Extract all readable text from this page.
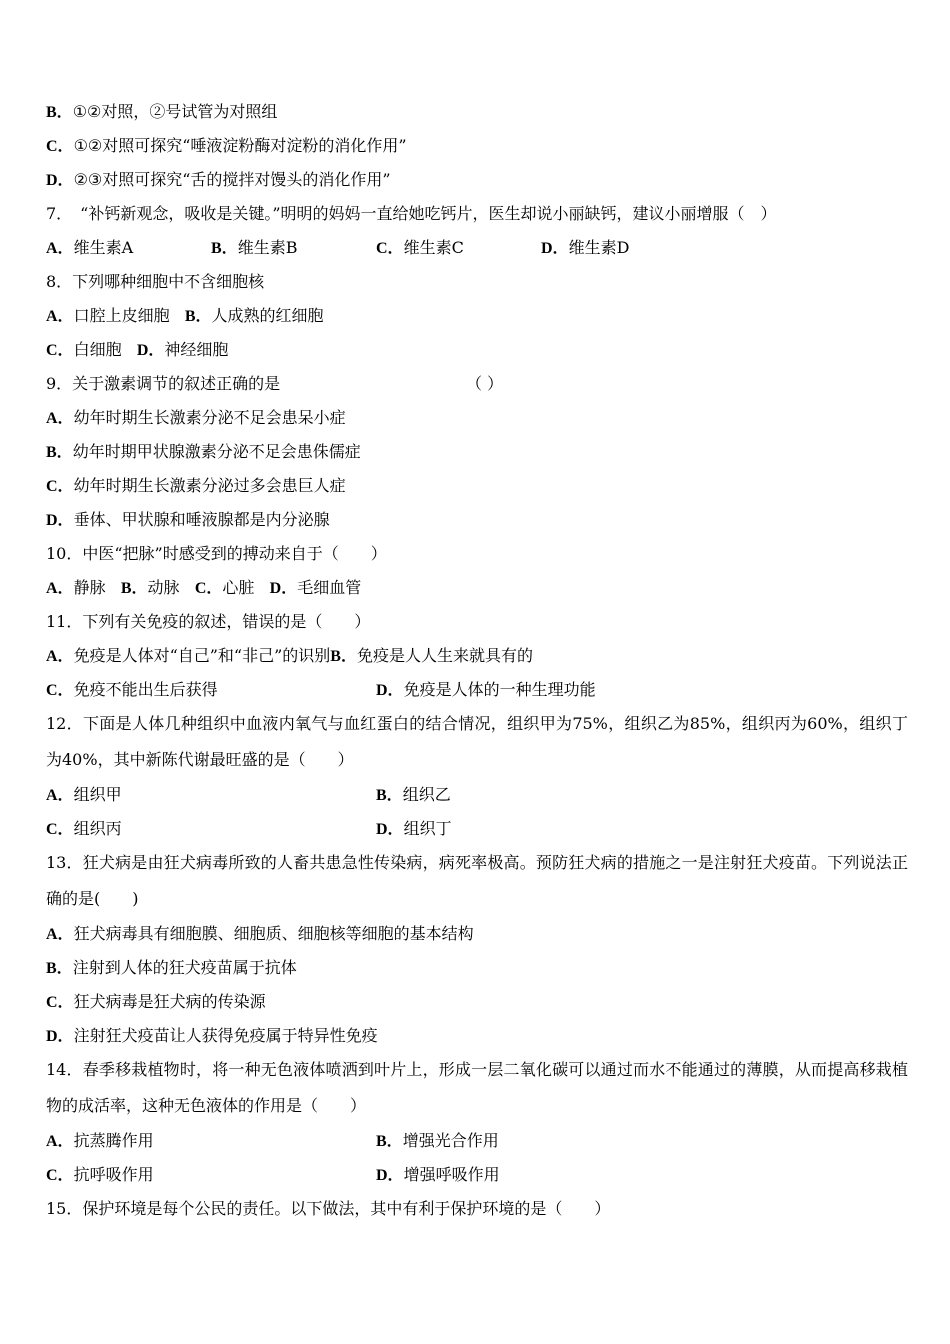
B．①②对照，②号试管为对照组
C．①②对照可探究“唾液淀粉酶对淀粉的消化作用”
D．②③对照可探究“舌的搅拌对馒头的消化作用”
7．　“补钙新观念，吸收是关键。”明明的妈妈一直给她吃钙片，医生却说小丽缺钙，建议小丽增服（　）
A．维生素A	B．维生素B	C．维生素C	D．维生素D
8．下列哪种细胞中不含细胞核
A．口腔上皮细胞 B．人成熟的红细胞
C．白细胞 D．神经细胞
9．关于激素调节的叙述正确的是	（ ）
A．幼年时期生长激素分泌不足会患呆小症
B．幼年时期甲状腺激素分泌不足会患侏儒症
C．幼年时期生长激素分泌过多会患巨人症
D．垂体、甲状腺和唾液腺都是内分泌腺
10．中医“把脉”时感受到的搏动来自于（　　）
A．静脉 B．动脉 C．心脏 D．毛细血管
11．下列有关免疫的叙述，错误的是（　　）
A．免疫是人体对“自己”和“非己”的识别B．免疫是人人生来就具有的
C．免疫不能出生后获得	D．免疫是人体的一种生理功能
12．下面是人体几种组织中血液内氧气与血红蛋白的结合情况，组织甲为75%，组织乙为85%，组织丙为60%，组织丁为40%，其中新陈代谢最旺盛的是（　　）
A．组织甲	B．组织乙
C．组织丙	D．组织丁
13．狂犬病是由狂犬病毒所致的人畜共患急性传染病，病死率极高。预防狂犬病的措施之一是注射狂犬疫苗。下列说法正确的是(　　)
A．狂犬病毒具有细胞膜、细胞质、细胞核等细胞的基本结构
B．注射到人体的狂犬疫苗属于抗体
C．狂犬病毒是狂犬病的传染源
D．注射狂犬疫苗让人获得免疫属于特异性免疫
14．春季移栽植物时，将一种无色液体喷洒到叶片上，形成一层二氧化碳可以通过而水不能通过的薄膜，从而提高移栽植物的成活率，这种无色液体的作用是（　　）
A．抗蒸腾作用	B．增强光合作用
C．抗呼吸作用	D．增强呼吸作用
15．保护环境是每个公民的责任。以下做法，其中有利于保护环境的是（　　）
